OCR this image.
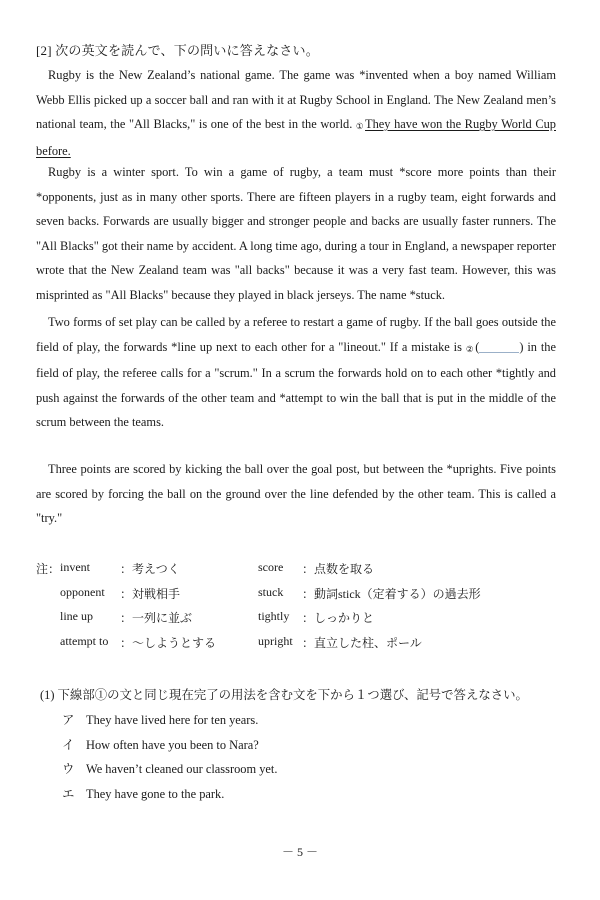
[2] 次の英文を読んで、下の問いに答えなさい。

Rugby is the New Zealand’s national game. The game was *invented when a boy named William Webb Ellis picked up a soccer ball and ran with it at Rugby School in England. The New Zealand men’s national team, the "All Blacks," is one of the best in the world. ①They have won the Rugby World Cup before.

Rugby is a winter sport. To win a game of rugby, a team must *score more points than their *opponents, just as in many other sports. There are fifteen players in a rugby team, eight forwards and seven backs. Forwards are usually bigger and stronger people and backs are usually faster runners. The "All Blacks" got their name by accident. A long time ago, during a tour in England, a newspaper reporter wrote that the New Zealand team was "all backs" because it was a very fast team. However, this was misprinted as "All Blacks" because they played in black jerseys. The name *stuck.

Two forms of set play can be called by a referee to restart a game of rugby. If the ball goes outside the field of play, the forwards *line up next to each other for a "lineout." If a mistake is ②(	) in the field of play, the referee calls for a "scrum." In a scrum the forwards hold on to each other *tightly and push against the forwards of the other team and *attempt to win the ball that is put in the middle of the scrum between the teams.

Three points are scored by kicking the ball over the goal post, but between the *uprights. Five points are scored by forcing the ball on the ground over the line defended by the other team. This is called a "try."

注： invent	：考えつく	score ：点数を取る
opponent ：対戦相手	stuck ：動詞stick（定着する）の過去形
line up ：一列に並ぶ	tightly ：しっかりと
attempt to ：～しようとする	upright ：直立した柱、ポール
(1) 下線部①の文と同じ現在完了の用法を含む文を下から１つ選び、記号で答えなさい。
ア They have lived here for ten years.
イ How often have you been to Nara?
ウ We haven’t cleaned our classroom yet.
エ They have gone to the park.
－ 5 －
